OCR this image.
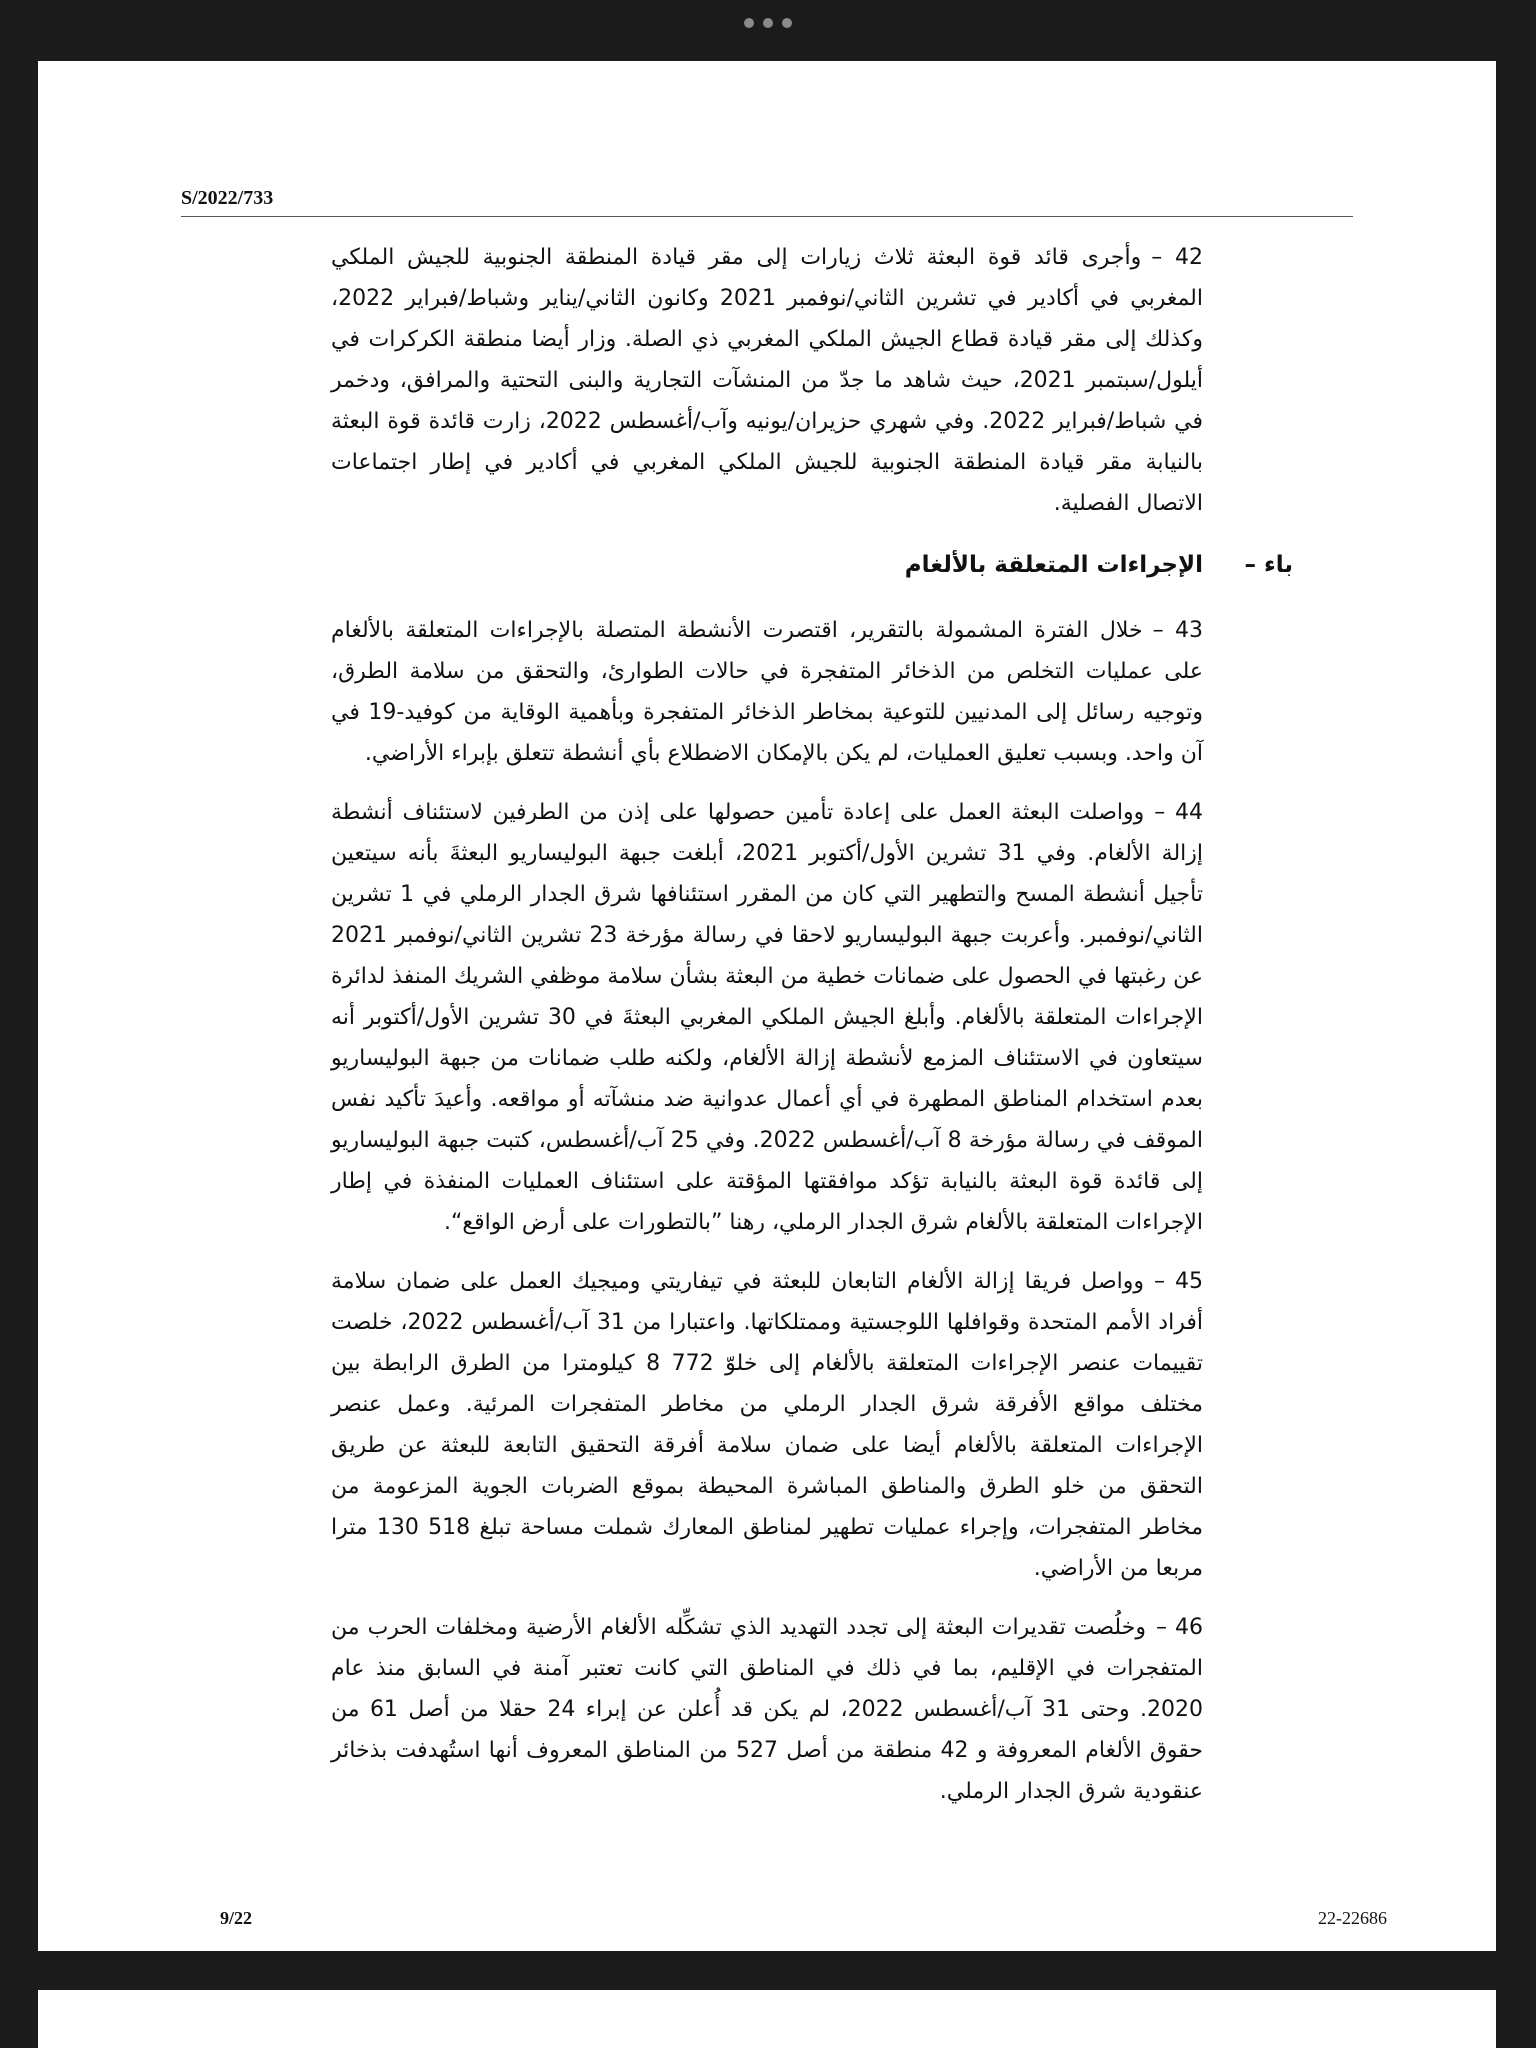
S/2022/733

42 –وأجرى قائد قوة البعثة ثلاث زيارات إلى مقر قيادة المنطقة الجنوبية للجيش الملكي المغربي في أكادير في تشرين الثاني/نوفمبر 2021 وكانون الثاني/يناير وشباط/فبراير 2022، وكذلك إلى مقر قيادة قطاع الجيش الملكي المغربي ذي الصلة. وزار أيضا منطقة الكركرات في أيلول/سبتمبر 2021، حيث شاهد ما جدّ من المنشآت التجارية والبنى التحتية والمرافق، ودخمر في شباط/فبراير 2022. وفي شهري حزيران/يونيه وآب/أغسطس 2022، زارت قائدة قوة البعثة بالنيابة مقر قيادة المنطقة الجنوبية للجيش الملكي المغربي في أكادير في إطار اجتماعات الاتصال الفصلية.

باء –
الإجراءات المتعلقة بالألغام

43 –خلال الفترة المشمولة بالتقرير، اقتصرت الأنشطة المتصلة بالإجراءات المتعلقة بالألغام على عمليات التخلص من الذخائر المتفجرة في حالات الطوارئ، والتحقق من سلامة الطرق، وتوجيه رسائل إلى المدنيين للتوعية بمخاطر الذخائر المتفجرة وبأهمية الوقاية من كوفيد-19 في آن واحد. وبسبب تعليق العمليات، لم يكن بالإمكان الاضطلاع بأي أنشطة تتعلق بإبراء الأراضي.

44 –وواصلت البعثة العمل على إعادة تأمين حصولها على إذن من الطرفين لاستئناف أنشطة إزالة الألغام. وفي 31 تشرين الأول/أكتوبر 2021، أبلغت جبهة البوليساريو البعثةَ بأنه سيتعين تأجيل أنشطة المسح والتطهير التي كان من المقرر استئنافها شرق الجدار الرملي في 1 تشرين الثاني/نوفمبر. وأعربت جبهة البوليساريو لاحقا في رسالة مؤرخة 23 تشرين الثاني/نوفمبر 2021 عن رغبتها في الحصول على ضمانات خطية من البعثة بشأن سلامة موظفي الشريك المنفذ لدائرة الإجراءات المتعلقة بالألغام. وأبلغ الجيش الملكي المغربي البعثةَ في 30 تشرين الأول/أكتوبر أنه سيتعاون في الاستئناف المزمع لأنشطة إزالة الألغام، ولكنه طلب ضمانات من جبهة البوليساريو بعدم استخدام المناطق المطهرة في أي أعمال عدوانية ضد منشآته أو مواقعه. وأعيدَ تأكيد نفس الموقف في رسالة مؤرخة 8 آب/أغسطس 2022. وفي 25 آب/أغسطس، كتبت جبهة البوليساريو إلى قائدة قوة البعثة بالنيابة تؤكد موافقتها المؤقتة على استئناف العمليات المنفذة في إطار الإجراءات المتعلقة بالألغام شرق الجدار الرملي، رهنا ”بالتطورات على أرض الواقع“.

45 –وواصل فريقا إزالة الألغام التابعان للبعثة في تيفاريتي وميجيك العمل على ضمان سلامة أفراد الأمم المتحدة وقوافلها اللوجستية وممتلكاتها. واعتبارا من 31 آب/أغسطس 2022، خلصت تقييمات عنصر الإجراءات المتعلقة بالألغام إلى خلوّ 772 8 كيلومترا من الطرق الرابطة بين مختلف مواقع الأفرقة شرق الجدار الرملي من مخاطر المتفجرات المرئية. وعمل عنصر الإجراءات المتعلقة بالألغام أيضا على ضمان سلامة أفرقة التحقيق التابعة للبعثة عن طريق التحقق من خلو الطرق والمناطق المباشرة المحيطة بموقع الضربات الجوية المزعومة من مخاطر المتفجرات، وإجراء عمليات تطهير لمناطق المعارك شملت مساحة تبلغ 518 130 مترا مربعا من الأراضي.

46 –وخلُصت تقديرات البعثة إلى تجدد التهديد الذي تشكِّله الألغام الأرضية ومخلفات الحرب من المتفجرات في الإقليم، بما في ذلك في المناطق التي كانت تعتبر آمنة في السابق منذ عام 2020. وحتى 31 آب/أغسطس 2022، لم يكن قد أُعلن عن إبراء 24 حقلا من أصل 61 من حقوق الألغام المعروفة و 42 منطقة من أصل 527 من المناطق المعروف أنها استُهدفت بذخائر عنقودية شرق الجدار الرملي.

9/22	22-22686
